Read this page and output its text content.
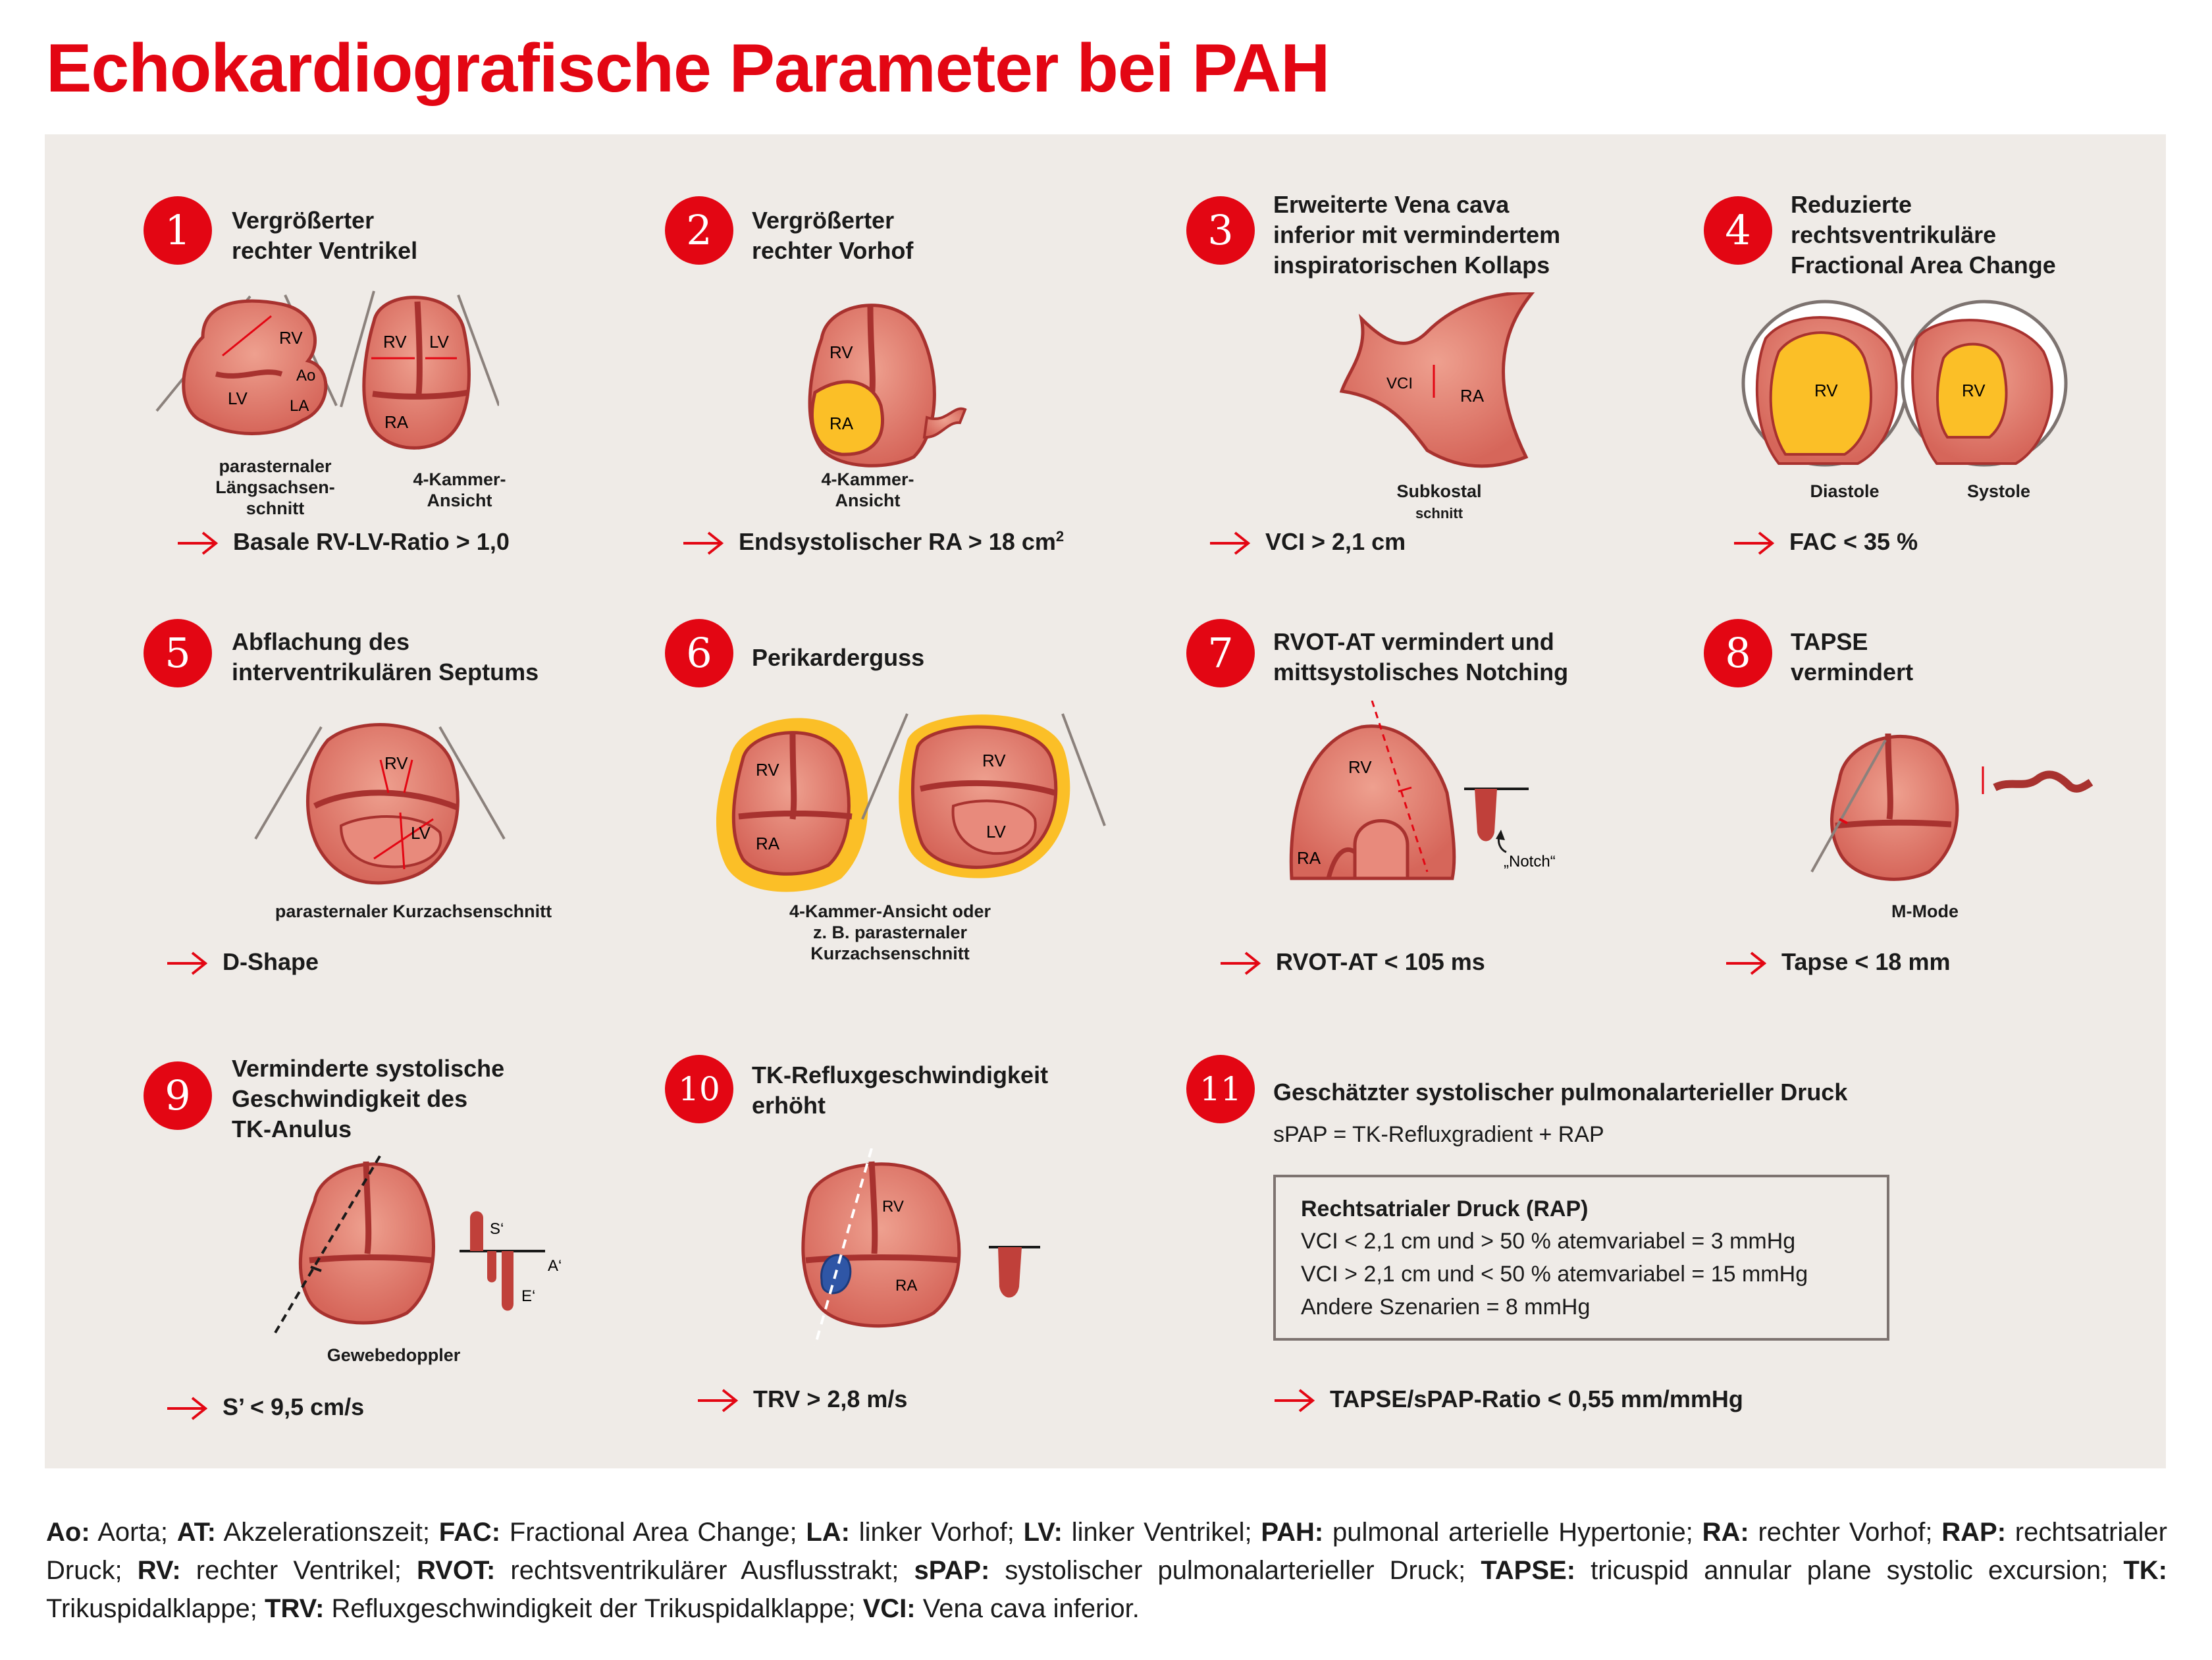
Echokardiografische Parameter bei PAH
1	Vergrößerter
rechter Ventrikel
RV
LV
Ao
LA
RV LV
RA
parasternaler
Längsachsen-
schnitt
4-Kammer-
Ansicht
Basale RV-LV-Ratio > 1,0
2	Vergrößerter
rechter Vorhof
RV
RA
4-Kammer-
Ansicht
Endsystolischer RA > 18 $cm^2$
3
Erweiterte Vena cava
inferior mit vermindertem
inspiratorischen Kollaps
VCI
RA
Subkostal
schnitt
VCI > 2,1 cm
4
Reduzierte
rechtsventrikuläre
Fractional Area Change
RV	RV
Diastole	Systole
FAC < 35 %
5	Abflachung des
interventrikulären Septums
RV
LV
parasternaler Kurzachsenschnitt
D-Shape
6	Perikarderguss
RV
RA
RV
LV
4-Kammer-Ansicht oder
z. B. parasternaler
Kurzachsenschnitt
7	RVOT-AT vermindert und
mittsystolisches Notching
RV
RA	„Notch“
RVOT-AT < 105 ms
8	TAPSE
vermindert
M-Mode
Tapse < 18 mm
9
Verminderte systolische
Geschwindigkeit des
TK-Anulus
S‘
A‘
E‘
Gewebedoppler
S’ < 9,5 cm/s
10	TK-Refluxgeschwindigkeit
erhöht
RV
RA
TRV > 2,8 m/s
11	Geschätzter systolischer pulmonalarterieller Druck
sPAP = TK-Refluxgradient + RAP
Rechtsatrialer Druck (RAP)
VCI < 2,1 cm und > 50 % atemvariabel = 3 mmHg
VCI > 2,1 cm und < 50 % atemvariabel = 15 mmHg
Andere Szenarien = 8 mmHg
TAPSE/sPAP-Ratio < 0,55 mm/mmHg
Ao: Aorta; AT: Akzelerationszeit; FAC: Fractional Area Change; LA: linker Vorhof; LV: linker Ventrikel; PAH: pulmonal arterielle Hypertonie; RA: rechter Vorhof; RAP: rechtsatrialer Druck; RV: rechter Ventrikel; RVOT: rechtsventrikulärer Ausflusstrakt; sPAP: systolischer pulmonalarterieller Druck; TAPSE: tricuspid annular plane systolic excursion; TK: Trikuspidalklappe; TRV: Refluxgeschwindigkeit der Trikuspidalklappe; VCI: Vena cava inferior.
